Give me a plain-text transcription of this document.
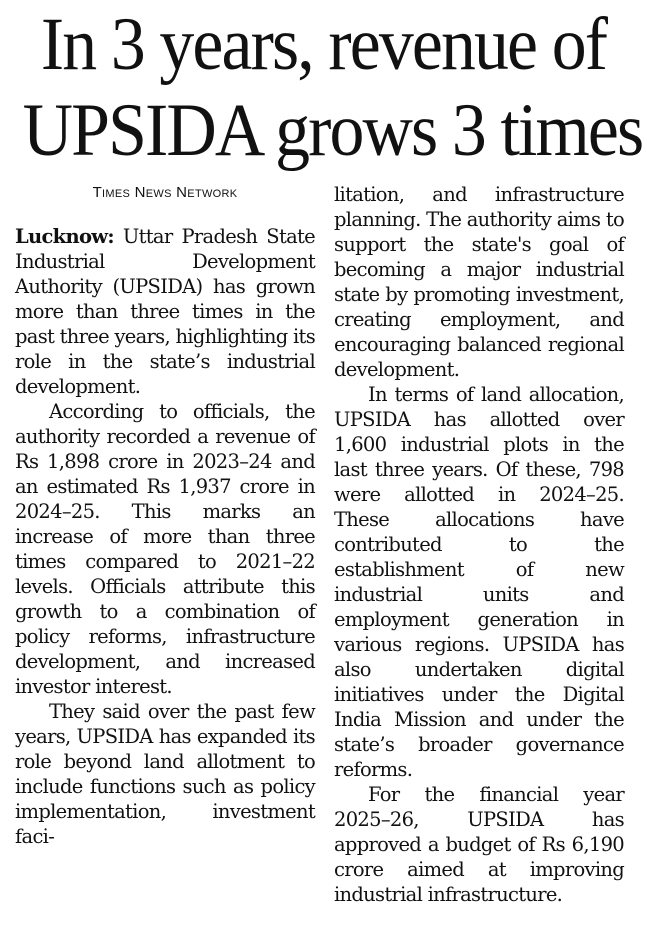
In 3 years, revenue of
UPSIDA grows 3 times
Times News Network

Lucknow: Uttar Pradesh State Industrial Development Authority (UPSIDA) has grown more than three times in the past three years, highlighting its role in the state’s industrial development.

According to officials, the authority recorded a revenue of Rs 1,898 crore in 2023–24 and an estimated Rs 1,937 crore in 2024–25. This marks an increase of more than three times compared to 2021–22 levels. Officials attribute this growth to a combination of policy reforms, infrastructure development, and increased investor interest.

They said over the past few years, UPSIDA has expanded its role beyond land allotment to include functions such as policy implementation, investment faci-

litation, and infrastructure planning. The authority aims to support the state's goal of becoming a major industrial state by promoting investment, creating employment, and encouraging balanced regional development.

In terms of land allocation, UPSIDA has allotted over 1,600 industrial plots in the last three years. Of these, 798 were allotted in 2024–25. These allocations have contributed to the establishment of new industrial units and employment generation in various regions. UPSIDA has also undertaken digital initiatives under the Digital India Mission and under the state’s broader governance reforms.

For the financial year 2025–26, UPSIDA has approved a budget of Rs 6,190 crore aimed at improving industrial infrastructure.
